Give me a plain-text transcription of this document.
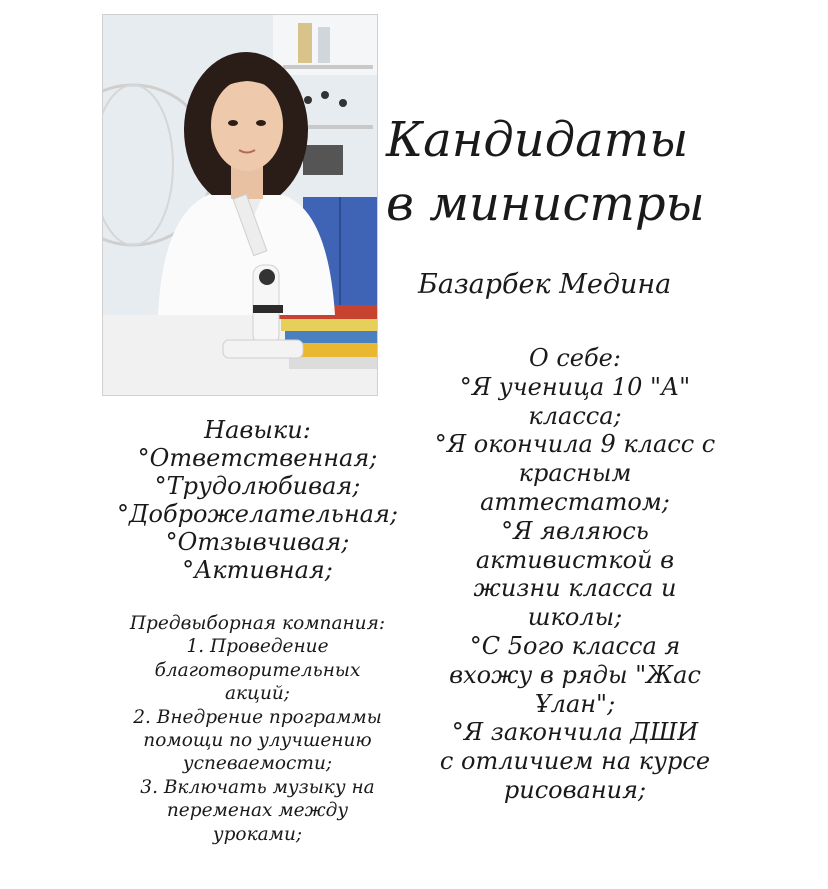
Кандидаты
в министры
Базарбек Медина
О себе:
°Я ученица 10 "А"
класса;
°Я окончила 9 класс с
красным
аттестатом;
°Я являюсь
активисткой в
жизни класса и
школы;
°С 5ого класса я
вхожу в ряды "Жас
Ұлан";
°Я закончила ДШИ
с отличием на курсе
рисования;
Навыки:
°Ответственная;
°Трудолюбивая;
°Доброжелательная;
°Отзывчивая;
°Активная;
Предвыборная компания:
1. Проведение
благотворительных
акций;
2. Внедрение программы
помощи по улучшению
успеваемости;
3. Включать музыку на
переменах между
уроками;
